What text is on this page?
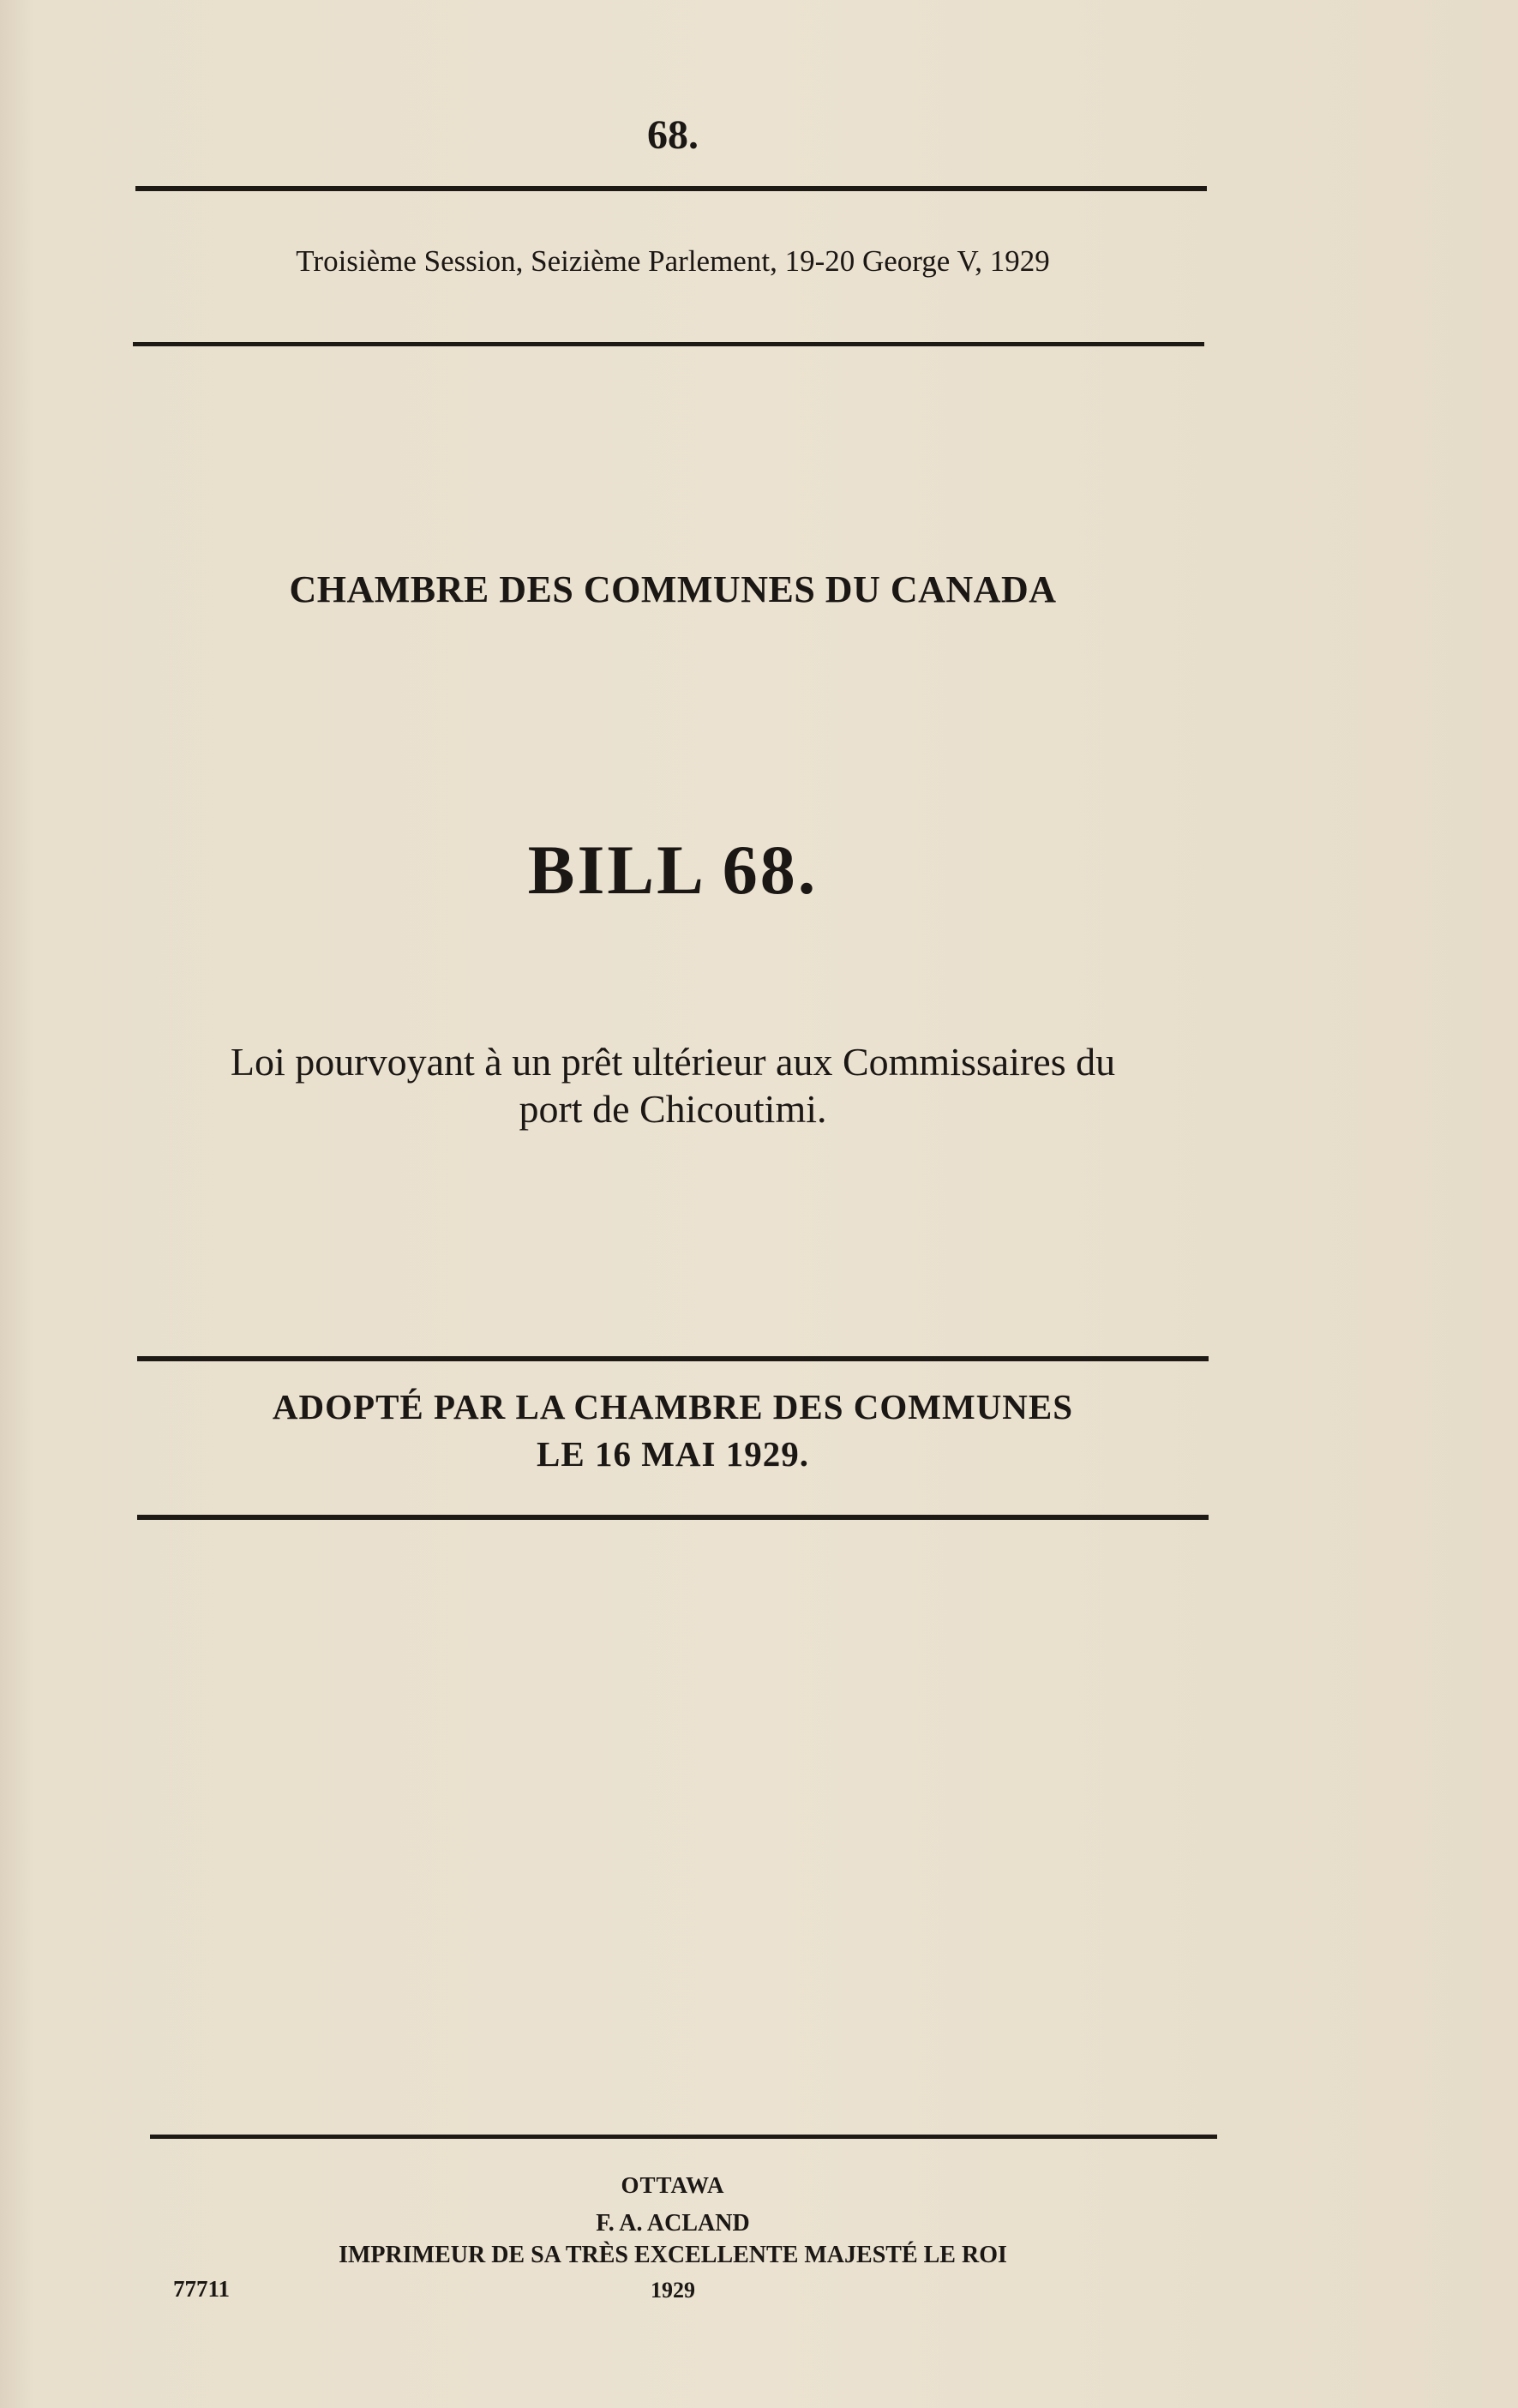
68.
Troisième Session, Seizième Parlement, 19-20 George V, 1929
CHAMBRE DES COMMUNES DU CANADA
BILL 68.
Loi pourvoyant à un prêt ultérieur aux Commissaires du
port de Chicoutimi.
ADOPTÉ PAR LA CHAMBRE DES COMMUNES
LE 16 MAI 1929.
OTTAWA
F. A. ACLAND
IMPRIMEUR DE SA TRÈS EXCELLENTE MAJESTÉ LE ROI
1929
77711
